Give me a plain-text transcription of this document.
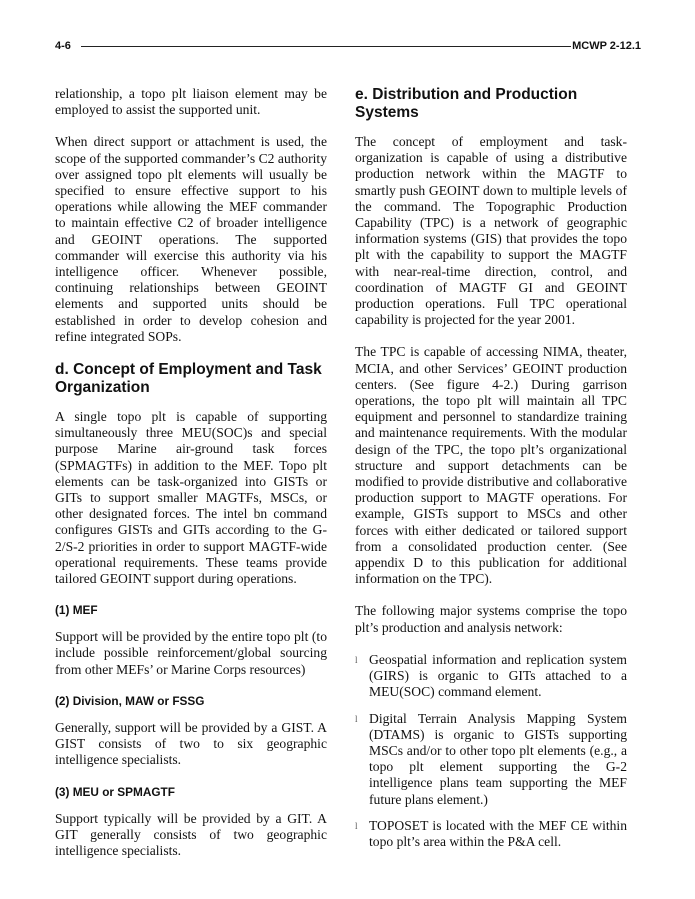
4-6	MCWP 2-12.1

relationship, a topo plt liaison element may be employed to assist the supported unit.

When direct support or attachment is used, the scope of the supported commander’s C2 authority over assigned topo plt elements will usually be specified to ensure effective support to his operations while allowing the MEF commander to maintain effective C2 of broader intelligence and GEOINT operations. The supported commander will exercise this authority via his intelligence officer. Whenever possible, continuing relationships between GEOINT elements and supported units should be established in order to develop cohesion and refine integrated SOPs.

d. Concept of Employment and Task Organization

A single topo plt is capable of supporting simultaneously three MEU(SOC)s and special purpose Marine air-ground task forces (SPMAGTFs) in addition to the MEF. Topo plt elements can be task-organized into GISTs or GITs to support smaller MAGTFs, MSCs, or other designated forces. The intel bn command configures GISTs and GITs according to the G-2/S-2 priorities in order to support MAGTF-wide operational requirements. These teams provide tailored GEOINT support during operations.

(1) MEF

Support will be provided by the entire topo plt (to include possible reinforcement/global sourcing from other MEFs’ or Marine Corps resources)

(2) Division, MAW or FSSG

Generally, support will be provided by a GIST. A GIST consists of two to six geographic intelligence specialists.

(3) MEU or SPMAGTF

Support typically will be provided by a GIT. A GIT generally consists of two geographic intelligence specialists.

e. Distribution and Production Systems

The concept of employment and task-organization is capable of using a distributive production network within the MAGTF to smartly push GEOINT down to multiple levels of the command. The Topographic Production Capability (TPC) is a network of geographic information systems (GIS) that provides the topo plt with the capability to support the MAGTF with near-real-time direction, control, and coordination of MAGTF GI and GEOINT production operations. Full TPC operational capability is projected for the year 2001.

The TPC is capable of accessing NIMA, theater, MCIA, and other Services’ GEOINT production centers. (See figure 4-2.) During garrison operations, the topo plt will maintain all TPC equipment and personnel to standardize training and maintenance requirements. With the modular design of the TPC, the topo plt’s organizational structure and support detachments can be modified to provide distributive and collaborative production support to MAGTF operations. For example, GISTs support to MSCs and other forces with either dedicated or tailored support from a consolidated production center. (See appendix D to this publication for additional information on the TPC).

The following major systems comprise the topo plt’s production and analysis network:

l Geospatial information and replication system (GIRS) is organic to GITs attached to a MEU(SOC) command element.
l Digital Terrain Analysis Mapping System (DTAMS) is organic to GISTs supporting MSCs and/or to other topo plt elements (e.g., a topo plt element supporting the G-2 intelligence plans team supporting the MEF future plans element.)
l TOPOSET is located with the MEF CE within topo plt’s area within the P&A cell.
